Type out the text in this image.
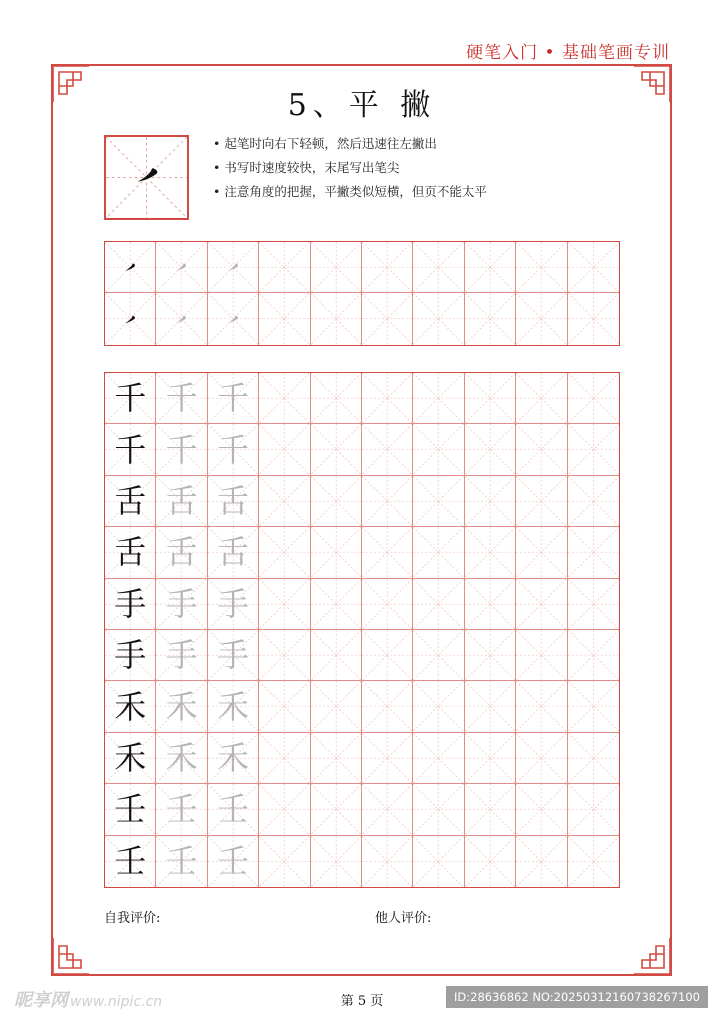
硬笔入门 • 基础笔画专训
5、平 撇
• 起笔时向右下轻顿，然后迅速往左撇出
• 书写时速度较快，末尾写出笔尖
• 注意角度的把握，平撇类似短横，但页不能太平
千 千 千
千 千 千
舌 舌 舌
舌 舌 舌
手 手 手
手 手 手
禾 禾 禾
禾 禾 禾
壬 壬 壬
壬 壬 壬
自我评价:	他人评价:
第 5 页
昵享网 www.nipic.cn	ID:28636862 NO:20250312160738267100
